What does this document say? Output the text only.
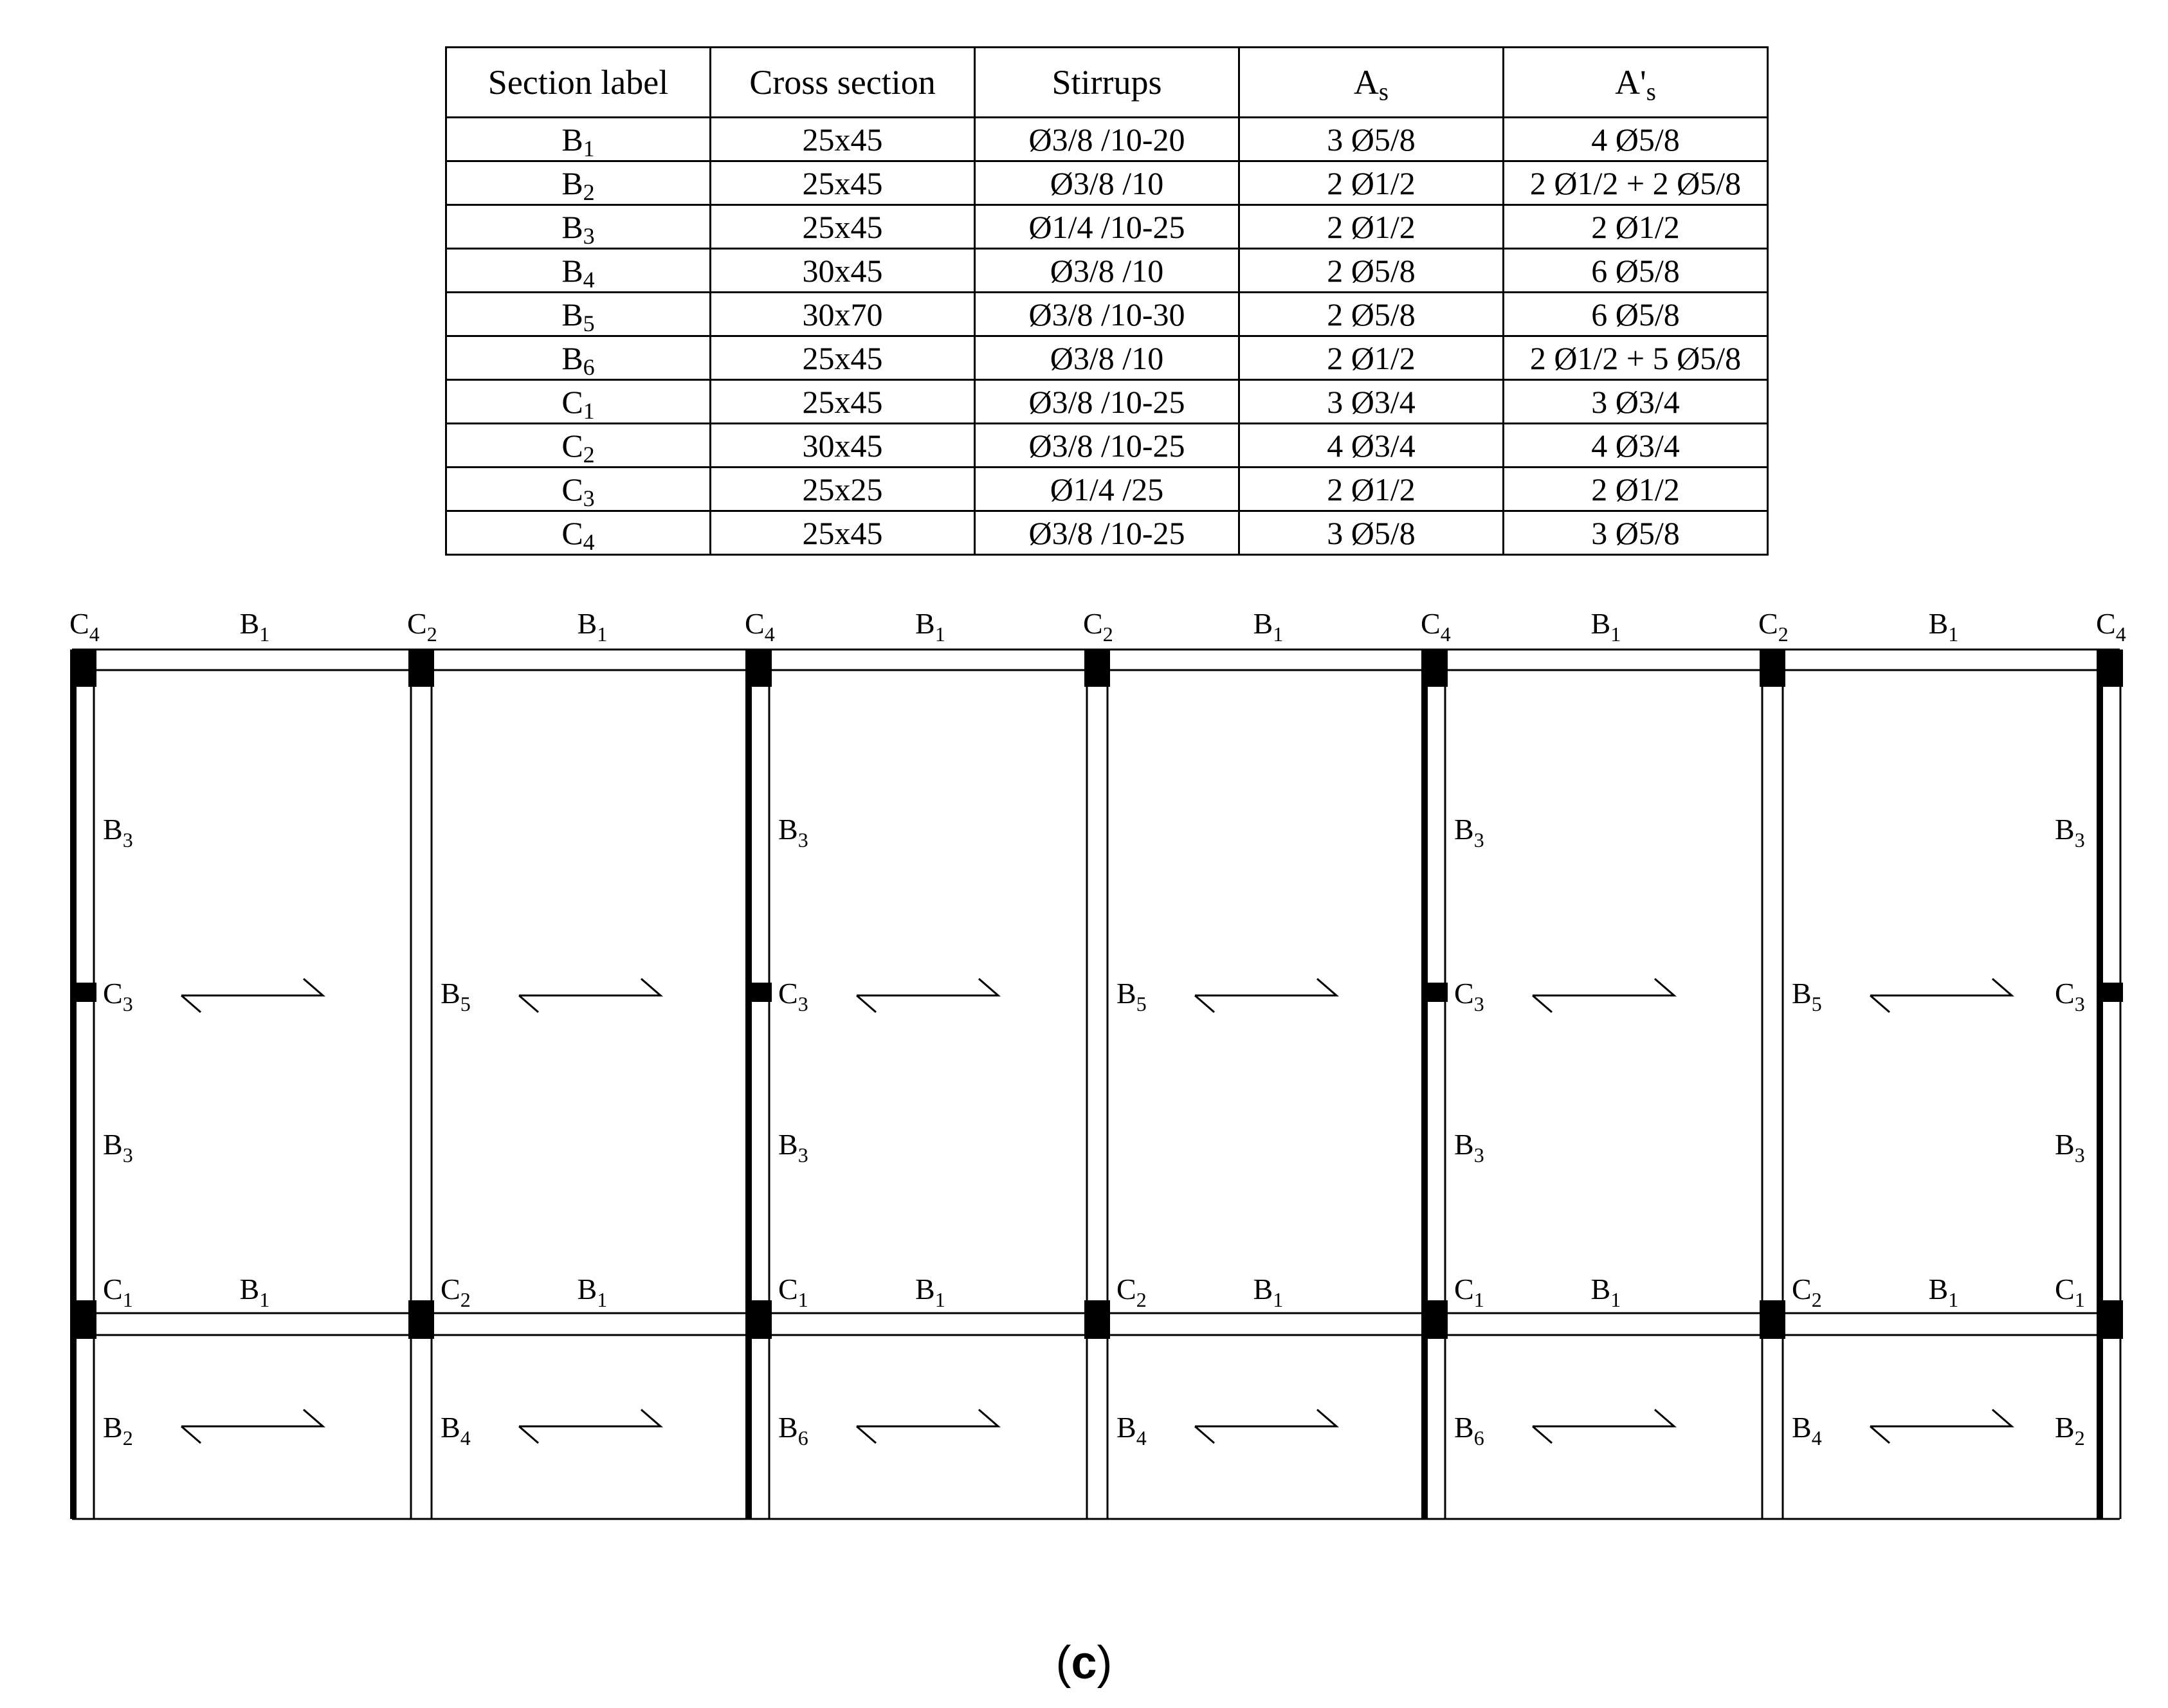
Section label	Cross section	Stirrups	$A_s$	$A'_s$
$B_1$	25x45	Ø3/8 /10-20	3 Ø5/8	4 Ø5/8
$B_2$	25x45	Ø3/8 /10	2 Ø1/2	2 Ø1/2 + 2 Ø5/8
$B_3$	25x45	Ø1/4 /10-25	2 Ø1/2	2 Ø1/2
$B_4$	30x45	Ø3/8 /10	2 Ø5/8	6 Ø5/8
$B_5$	30x70	Ø3/8 /10-30	2 Ø5/8	6 Ø5/8
$B_6$	25x45	Ø3/8 /10	2 Ø1/2	2 Ø1/2 + 5 Ø5/8
$C_1$	25x45	Ø3/8 /10-25	3 Ø3/4	3 Ø3/4
$C_2$	30x45	Ø3/8 /10-25	4 Ø3/4	4 Ø3/4
$C_3$	25x25	Ø1/4 /25	2 Ø1/2	2 Ø1/2
$C_4$	25x45	Ø3/8 /10-25	3 Ø5/8	3 Ø5/8
$C_4$	$C_2$	$C_4$	$C_2$	$C_4$	$C_2$	$C_4$
$B_1$	$B_1$	$B_1$	$B_1$	$B_1$	$B_1$
$C_1$	$C_2$	$C_1$	$C_2$	$C_1$	$C_2$	$C_1$
$B_1$	$B_1$	$B_1$	$B_1$	$B_1$	$B_1$
$B_3$
$B_3$
$B_3$
$B_3$
$B_3$
$B_3$
$B_3$
$B_3$
$C_3$	$B_5$	$C_3$	$B_5$	$C_3$	$B_5$	$C_3$
$B_2$	$B_4$	$B_6$	$B_4$	$B_6$	$B_4$	$B_2$
(c)
